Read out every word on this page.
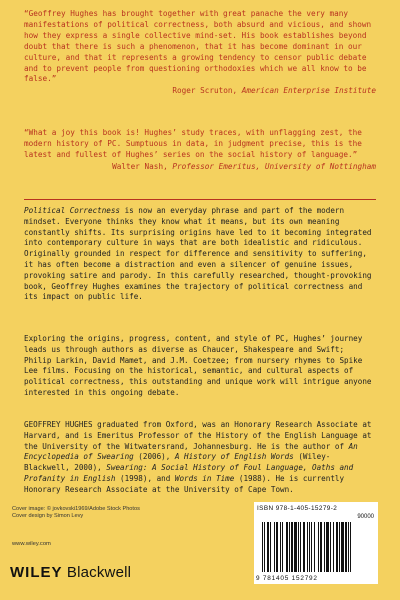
“Geoffrey Hughes has brought together with great panache the very many manifestations of political correctness, both absurd and vicious, and shown how they express a single collective mind-set. His book establishes beyond doubt that there is such a phenomenon, that it has become dominant in our culture, and that it represents a growing tendency to censor public debate and to prevent people from questioning orthodoxies which we all know to be false.”

Roger Scruton, American Enterprise Institute

“What a joy this book is! Hughes’ study traces, with unflagging zest, the modern history of PC. Sumptuous in data, in judgment precise, this is the latest and fullest of Hughes’ series on the social history of language.”

Walter Nash, Professor Emeritus, University of Nottingham

Political Correctness is now an everyday phrase and part of the modern mindset. Everyone thinks they know what it means, but its own meaning constantly shifts. Its surprising origins have led to it becoming integrated into contemporary culture in ways that are both idealistic and ridiculous. Originally grounded in respect for difference and sensitivity to suffering, it has often become a distraction and even a silencer of genuine issues, provoking satire and parody. In this carefully researched, thought-provoking book, Geoffrey Hughes examines the trajectory of political correctness and its impact on public life.

Exploring the origins, progress, content, and style of PC, Hughes’ journey leads us through authors as diverse as Chaucer, Shakespeare and Swift; Philip Larkin, David Mamet, and J.M. Coetzee; from nursery rhymes to Spike Lee films. Focusing on the historical, semantic, and cultural aspects of political correctness, this outstanding and unique work will intrigue anyone interested in this ongoing debate.

GEOFFREY HUGHES graduated from Oxford, was an Honorary Research Associate at Harvard, and is Emeritus Professor of the History of the English Language at the University of the Witwatersrand, Johannesburg. He is the author of An Encyclopedia of Swearing (2006), A History of English Words (Wiley-Blackwell, 2000), Swearing: A Social History of Foul Language, Oaths and Profanity in English (1998), and Words in Time (1988). He is currently Honorary Research Associate at the University of Cape Town.

Cover image: © jovkovski1969/Adobe Stock Photos
Cover design by Simon Levy
www.wiley.com
WILEY Blackwell
ISBN 978-1-405-15279-2
90000
9 781405 152792
